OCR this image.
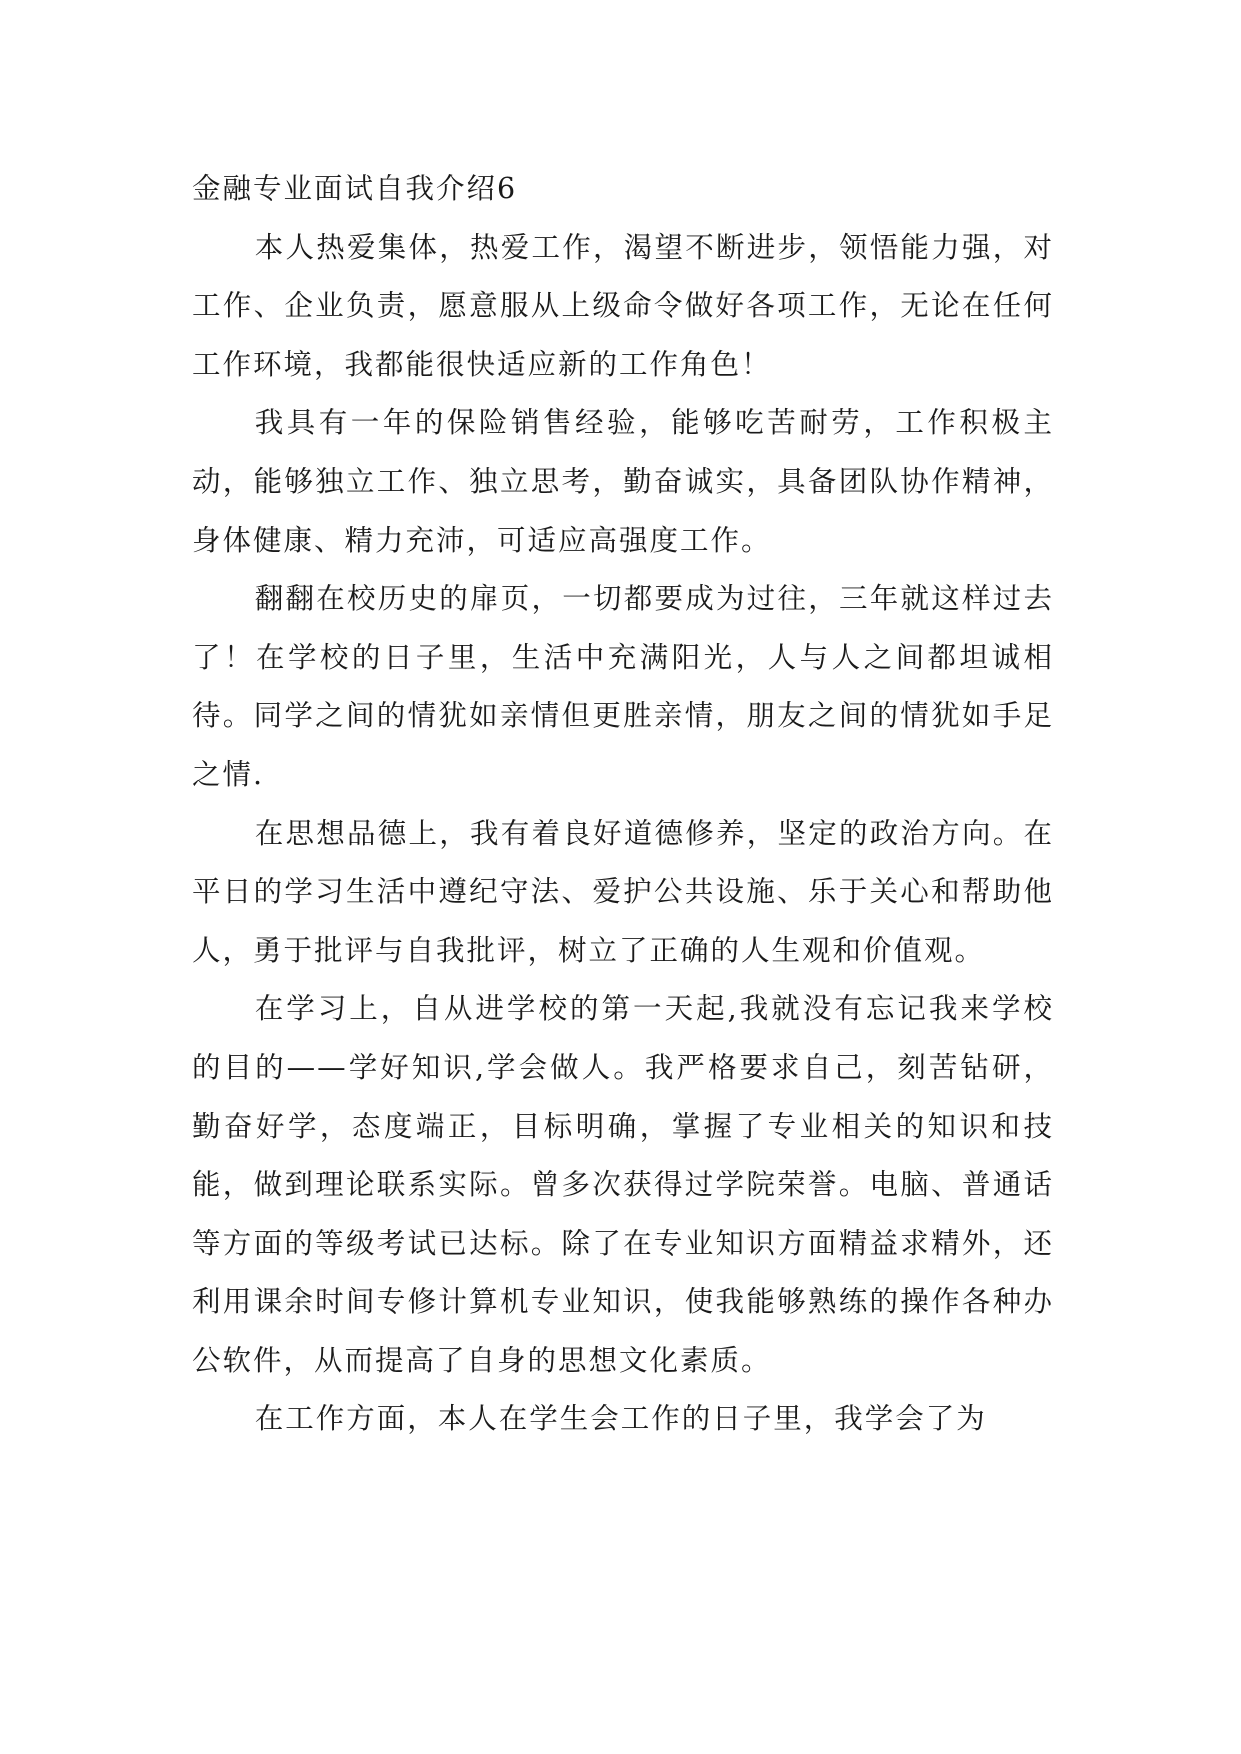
金融专业面试自我介绍6

本人热爱集体，热爱工作，渴望不断进步，领悟能力强，对工作、企业负责，愿意服从上级命令做好各项工作，无论在任何工作环境，我都能很快适应新的工作角色！

我具有一年的保险销售经验，能够吃苦耐劳，工作积极主动，能够独立工作、独立思考，勤奋诚实，具备团队协作精神，身体健康、精力充沛，可适应高强度工作。

翻翻在校历史的扉页，一切都要成为过往，三年就这样过去了！在学校的日子里，生活中充满阳光，人与人之间都坦诚相待。同学之间的情犹如亲情但更胜亲情，朋友之间的情犹如手足之情.

在思想品德上，我有着良好道德修养，坚定的政治方向。在平日的学习生活中遵纪守法、爱护公共设施、乐于关心和帮助他人，勇于批评与自我批评，树立了正确的人生观和价值观。

在学习上，自从进学校的第一天起,我就没有忘记我来学校的目的——学好知识,学会做人。我严格要求自己，刻苦钻研，勤奋好学，态度端正，目标明确，掌握了专业相关的知识和技能，做到理论联系实际。曾多次获得过学院荣誉。电脑、普通话等方面的等级考试已达标。除了在专业知识方面精益求精外，还利用课余时间专修计算机专业知识，使我能够熟练的操作各种办公软件，从而提高了自身的思想文化素质。

在工作方面，本人在学生会工作的日子里，我学会了为
